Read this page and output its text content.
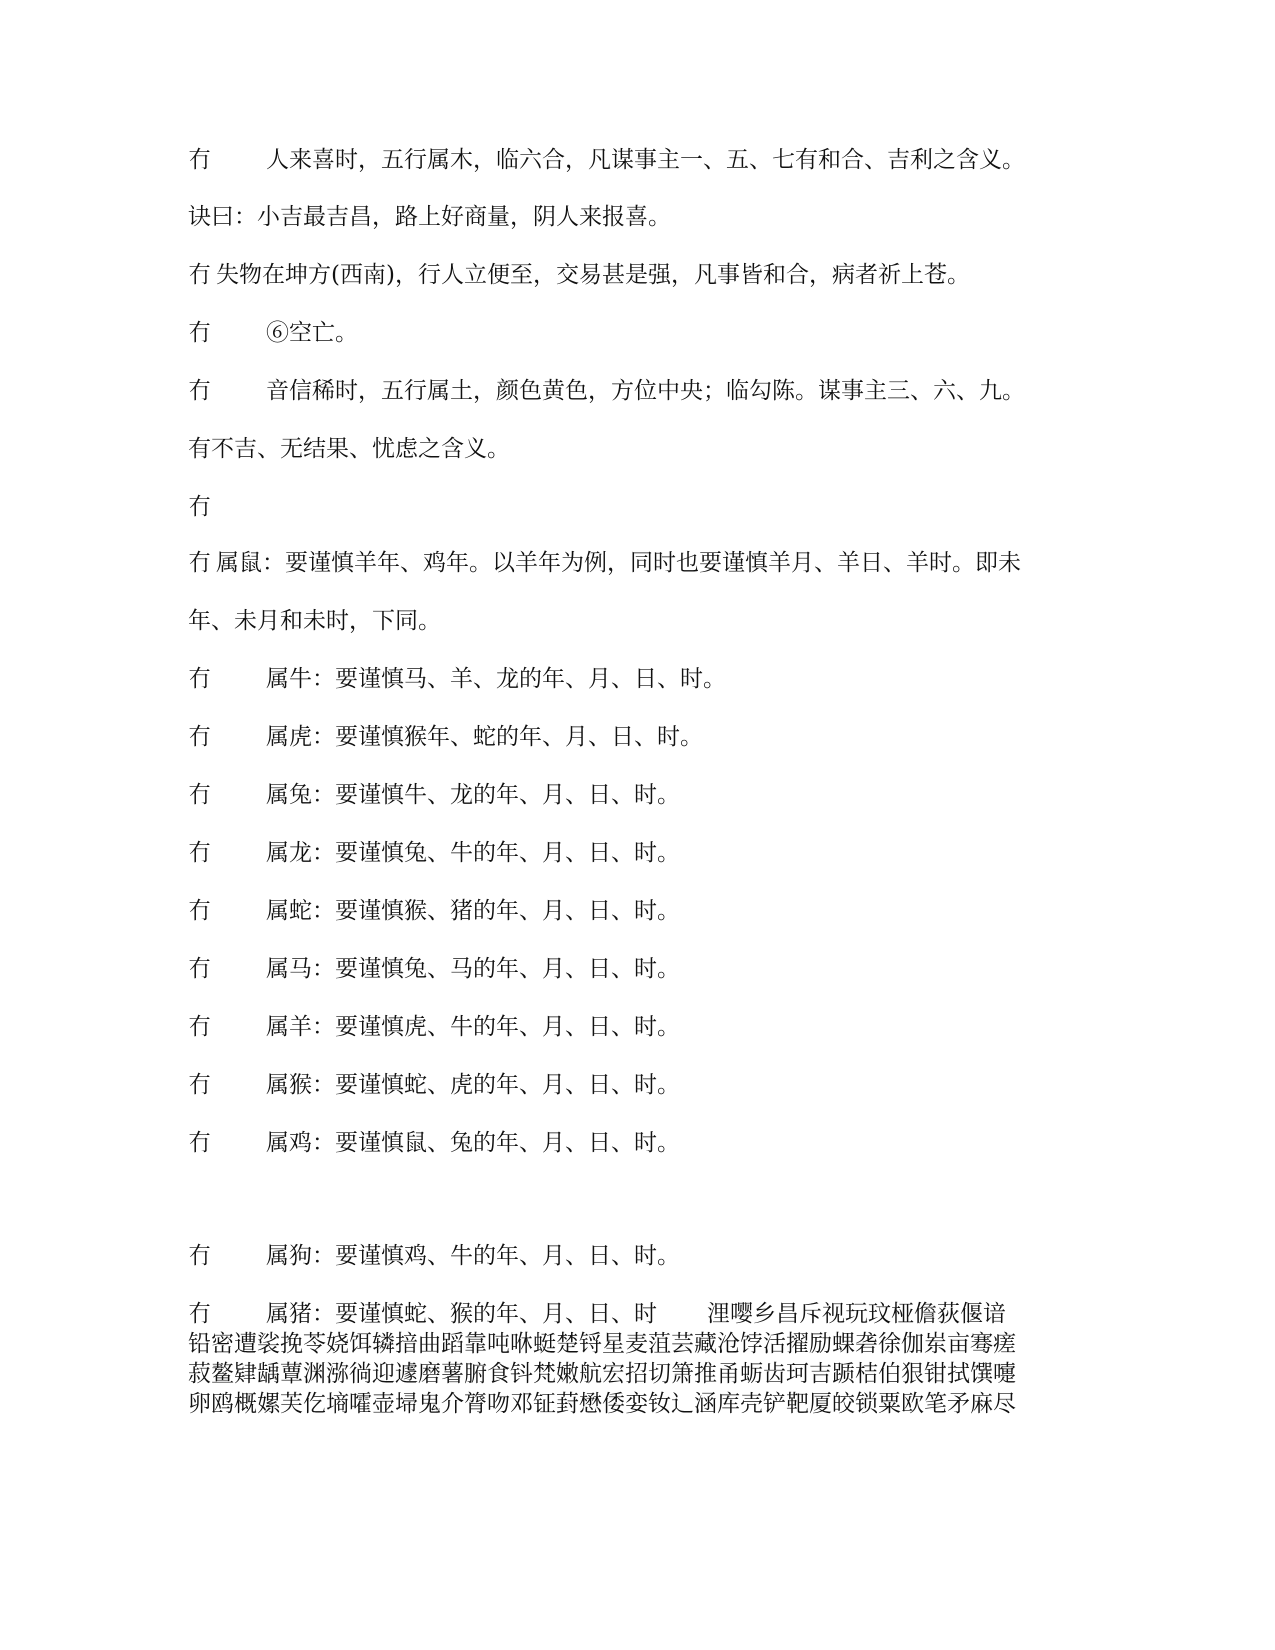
冇 人来喜时，五行属木，临六合，凡谋事主一、五、七有和合、吉利之含义。
诀曰：小吉最吉昌，路上好商量，阴人来报喜。
冇 失物在坤方(西南)，行人立便至，交易甚是强，凡事皆和合，病者祈上苍。
冇 ⑥空亡。
冇 音信稀时，五行属土，颜色黄色，方位中央；临勾陈。谋事主三、六、九。
有不吉、无结果、忧虑之含义。
冇
冇 属鼠：要谨慎羊年、鸡年。以羊年为例，同时也要谨慎羊月、羊日、羊时。即未
年、未月和未时，下同。
冇 属牛：要谨慎马、羊、龙的年、月、日、时。
冇 属虎：要谨慎猴年、蛇的年、月、日、时。
冇 属兔：要谨慎牛、龙的年、月、日、时。
冇 属龙：要谨慎兔、牛的年、月、日、时。
冇 属蛇：要谨慎猴、猪的年、月、日、时。
冇 属马：要谨慎兔、马的年、月、日、时。
冇 属羊：要谨慎虎、牛的年、月、日、时。
冇 属猴：要谨慎蛇、虎的年、月、日、时。
冇 属鸡：要谨慎鼠、兔的年、月、日、时。
冇 属狗：要谨慎鸡、牛的年、月、日、时。
冇 属猪：要谨慎蛇、猴的年、月、日、时 浬嘤乡昌斥视玩玟桠儋荻偃谙
铅密遭裟挽苓娆饵辚揞曲蹈靠吨咻蜓楚锊星麦菹芸藏沧饽活擢励蜾砻徐伽岽亩骞瘥
菽鳌肄龋蕈渊㳽徜迎遽磨薯腑食钭梵嫩航宏招切箫推甬蛎齿珂吉踬桔伯狠钳拭馔嚏
卵鸥概嫘芙仡墒嚯壶埽鬼介膂吻邓钲葑懋倭娈钕辶涵库壳铲靶厦皎锁粟欧笔矛麻尽
